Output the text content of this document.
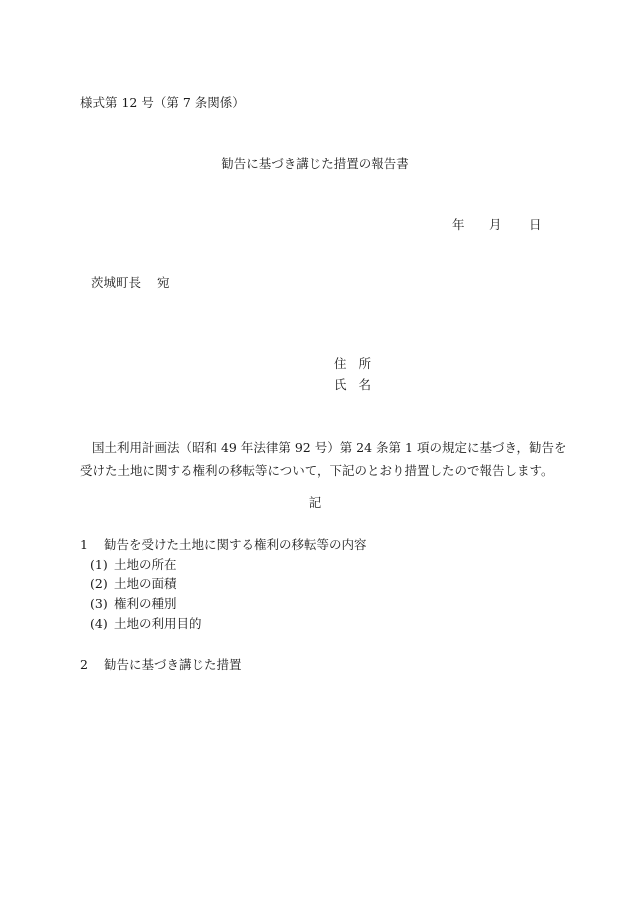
様式第 12 号（第 7 条関係）
勧告に基づき講じた措置の報告書
年 月 日
茨城町長 宛
住 所
氏 名
国土利用計画法（昭和 49 年法律第 92 号）第 24 条第 1 項の規定に基づき，勧告を受けた土地に関する権利の移転等について，下記のとおり措置したので報告します。
記
1 勧告を受けた土地に関する権利の移転等の内容
(1) 土地の所在
(2) 土地の面積
(3) 権利の種別
(4) 土地の利用目的
2 勧告に基づき講じた措置
